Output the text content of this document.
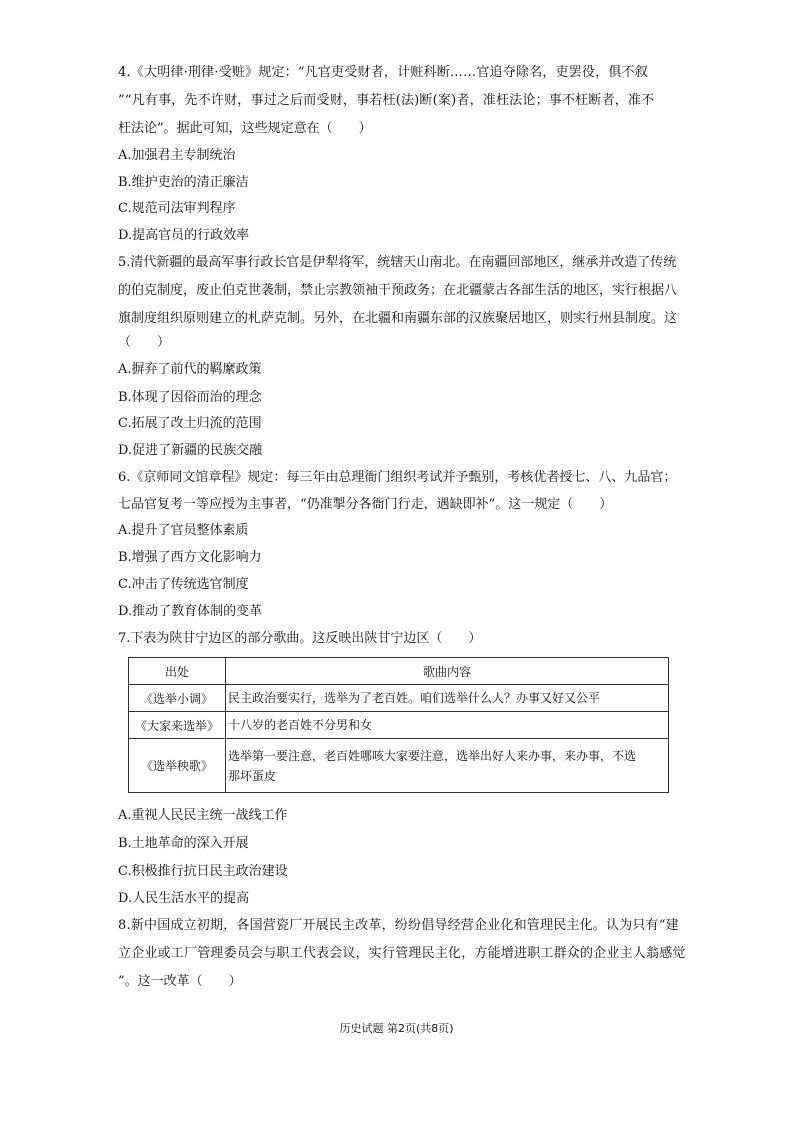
4.《大明律·刑律·受赃》规定：“凡官吏受财者，计赃科断……官追夺除名，吏罢役，俱不叙
”“凡有事，先不许财，事过之后而受财，事若枉(法)断(案)者，准枉法论；事不枉断者，准不
枉法论”。据此可知，这些规定意在（　　）
A.加强君主专制统治
B.维护吏治的清正廉洁
C.规范司法审判程序
D.提高官员的行政效率
5.清代新疆的最高军事行政长官是伊犁将军，统辖天山南北。在南疆回部地区，继承并改造了传统
的伯克制度，废止伯克世袭制，禁止宗教领袖干预政务；在北疆蒙古各部生活的地区，实行根据八
旗制度组织原则建立的札萨克制。另外，在北疆和南疆东部的汉族聚居地区，则实行州县制度。这
（　　）
A.摒弃了前代的羁縻政策
B.体现了因俗而治的理念
C.拓展了改土归流的范围
D.促进了新疆的民族交融
6.《京师同文馆章程》规定：每三年由总理衙门组织考试并予甄别，考核优者授七、八、九品官；
七品官复考一等应授为主事者，“仍准掣分各衙门行走，遇缺即补”。这一规定（　　）
A.提升了官员整体素质
B.增强了西方文化影响力
C.冲击了传统选官制度
D.推动了教育体制的变革
7.下表为陕甘宁边区的部分歌曲。这反映出陕甘宁边区（　　）
出处	歌曲内容
《选举小调》	民主政治要实行，选举为了老百姓。咱们选举什么人？办事又好又公平
《大家来选举》	十八岁的老百姓不分男和女
《选举秧歌》	选举第一要注意，老百姓哪咳大家要注意，选举出好人来办事，来办事，不选那坏蛋皮
A.重视人民民主统一战线工作
B.土地革命的深入开展
C.积极推行抗日民主政治建设
D.人民生活水平的提高
8.新中国成立初期，各国营瓷厂开展民主改革，纷纷倡导经营企业化和管理民主化。认为只有“建
立企业或工厂管理委员会与职工代表会议，实行管理民主化，方能增进职工群众的企业主人翁感觉
”。这一改革（　　）
历史试题 第2页(共8页)
